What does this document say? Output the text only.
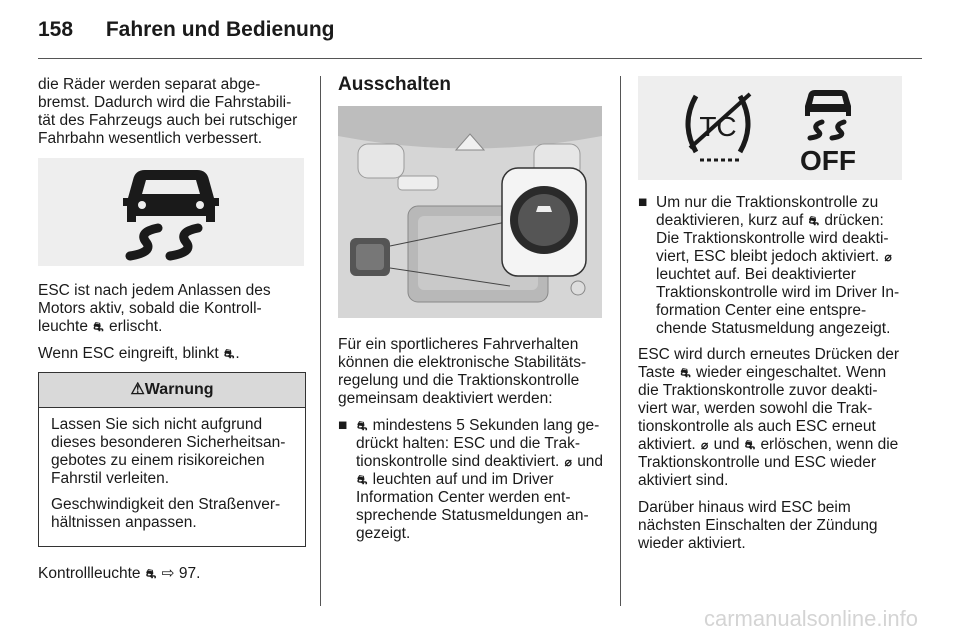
158 Fahren und Bedienung

die Räder werden separat abge-bremst. Dadurch wird die Fahrstabili-tät des Fahrzeugs auch bei rutschiger Fahrbahn wesentlich verbessert.

ESC ist nach jedem Anlassen des Motors aktiv, sobald die Kontroll-leuchte ⛐ erlischt.

Wenn ESC eingreift, blinkt ⛐.

⚠Warnung

Lassen Sie sich nicht aufgrund dieses besonderen Sicherheitsan-gebotes zu einem risikoreichen Fahrstil verleiten.

Geschwindigkeit den Straßenver-hältnissen anpassen.

Kontrollleuchte ⛐ ⇨ 97.

Ausschalten

Für ein sportlicheres Fahrverhalten können die elektronische Stabilitäts-regelung und die Traktionskontrolle gemeinsam deaktiviert werden:

■ ⛐ mindestens 5 Sekunden lang ge-drückt halten: ESC und die Trak-tionskontrolle sind deaktiviert. ⌀ und ⛐ leuchten auf und im Driver Information Center werden ent-sprechende Statusmeldungen an-gezeigt.
TC
OFF
■ Um nur die Traktionskontrolle zu deaktivieren, kurz auf ⛐ drücken: Die Traktionskontrolle wird deakti-viert, ESC bleibt jedoch aktiviert. ⌀ leuchtet auf. Bei deaktivierter Traktionskontrolle wird im Driver In-formation Center eine entspre-chende Statusmeldung angezeigt.

ESC wird durch erneutes Drücken der Taste ⛐ wieder eingeschaltet. Wenn die Traktionskontrolle zuvor deakti-viert war, werden sowohl die Trak-tionskontrolle als auch ESC erneut aktiviert. ⌀ und ⛐ erlöschen, wenn die Traktionskontrolle und ESC wieder aktiviert sind.

Darüber hinaus wird ESC beim nächsten Einschalten der Zündung wieder aktiviert.

carmanualsonline.info
